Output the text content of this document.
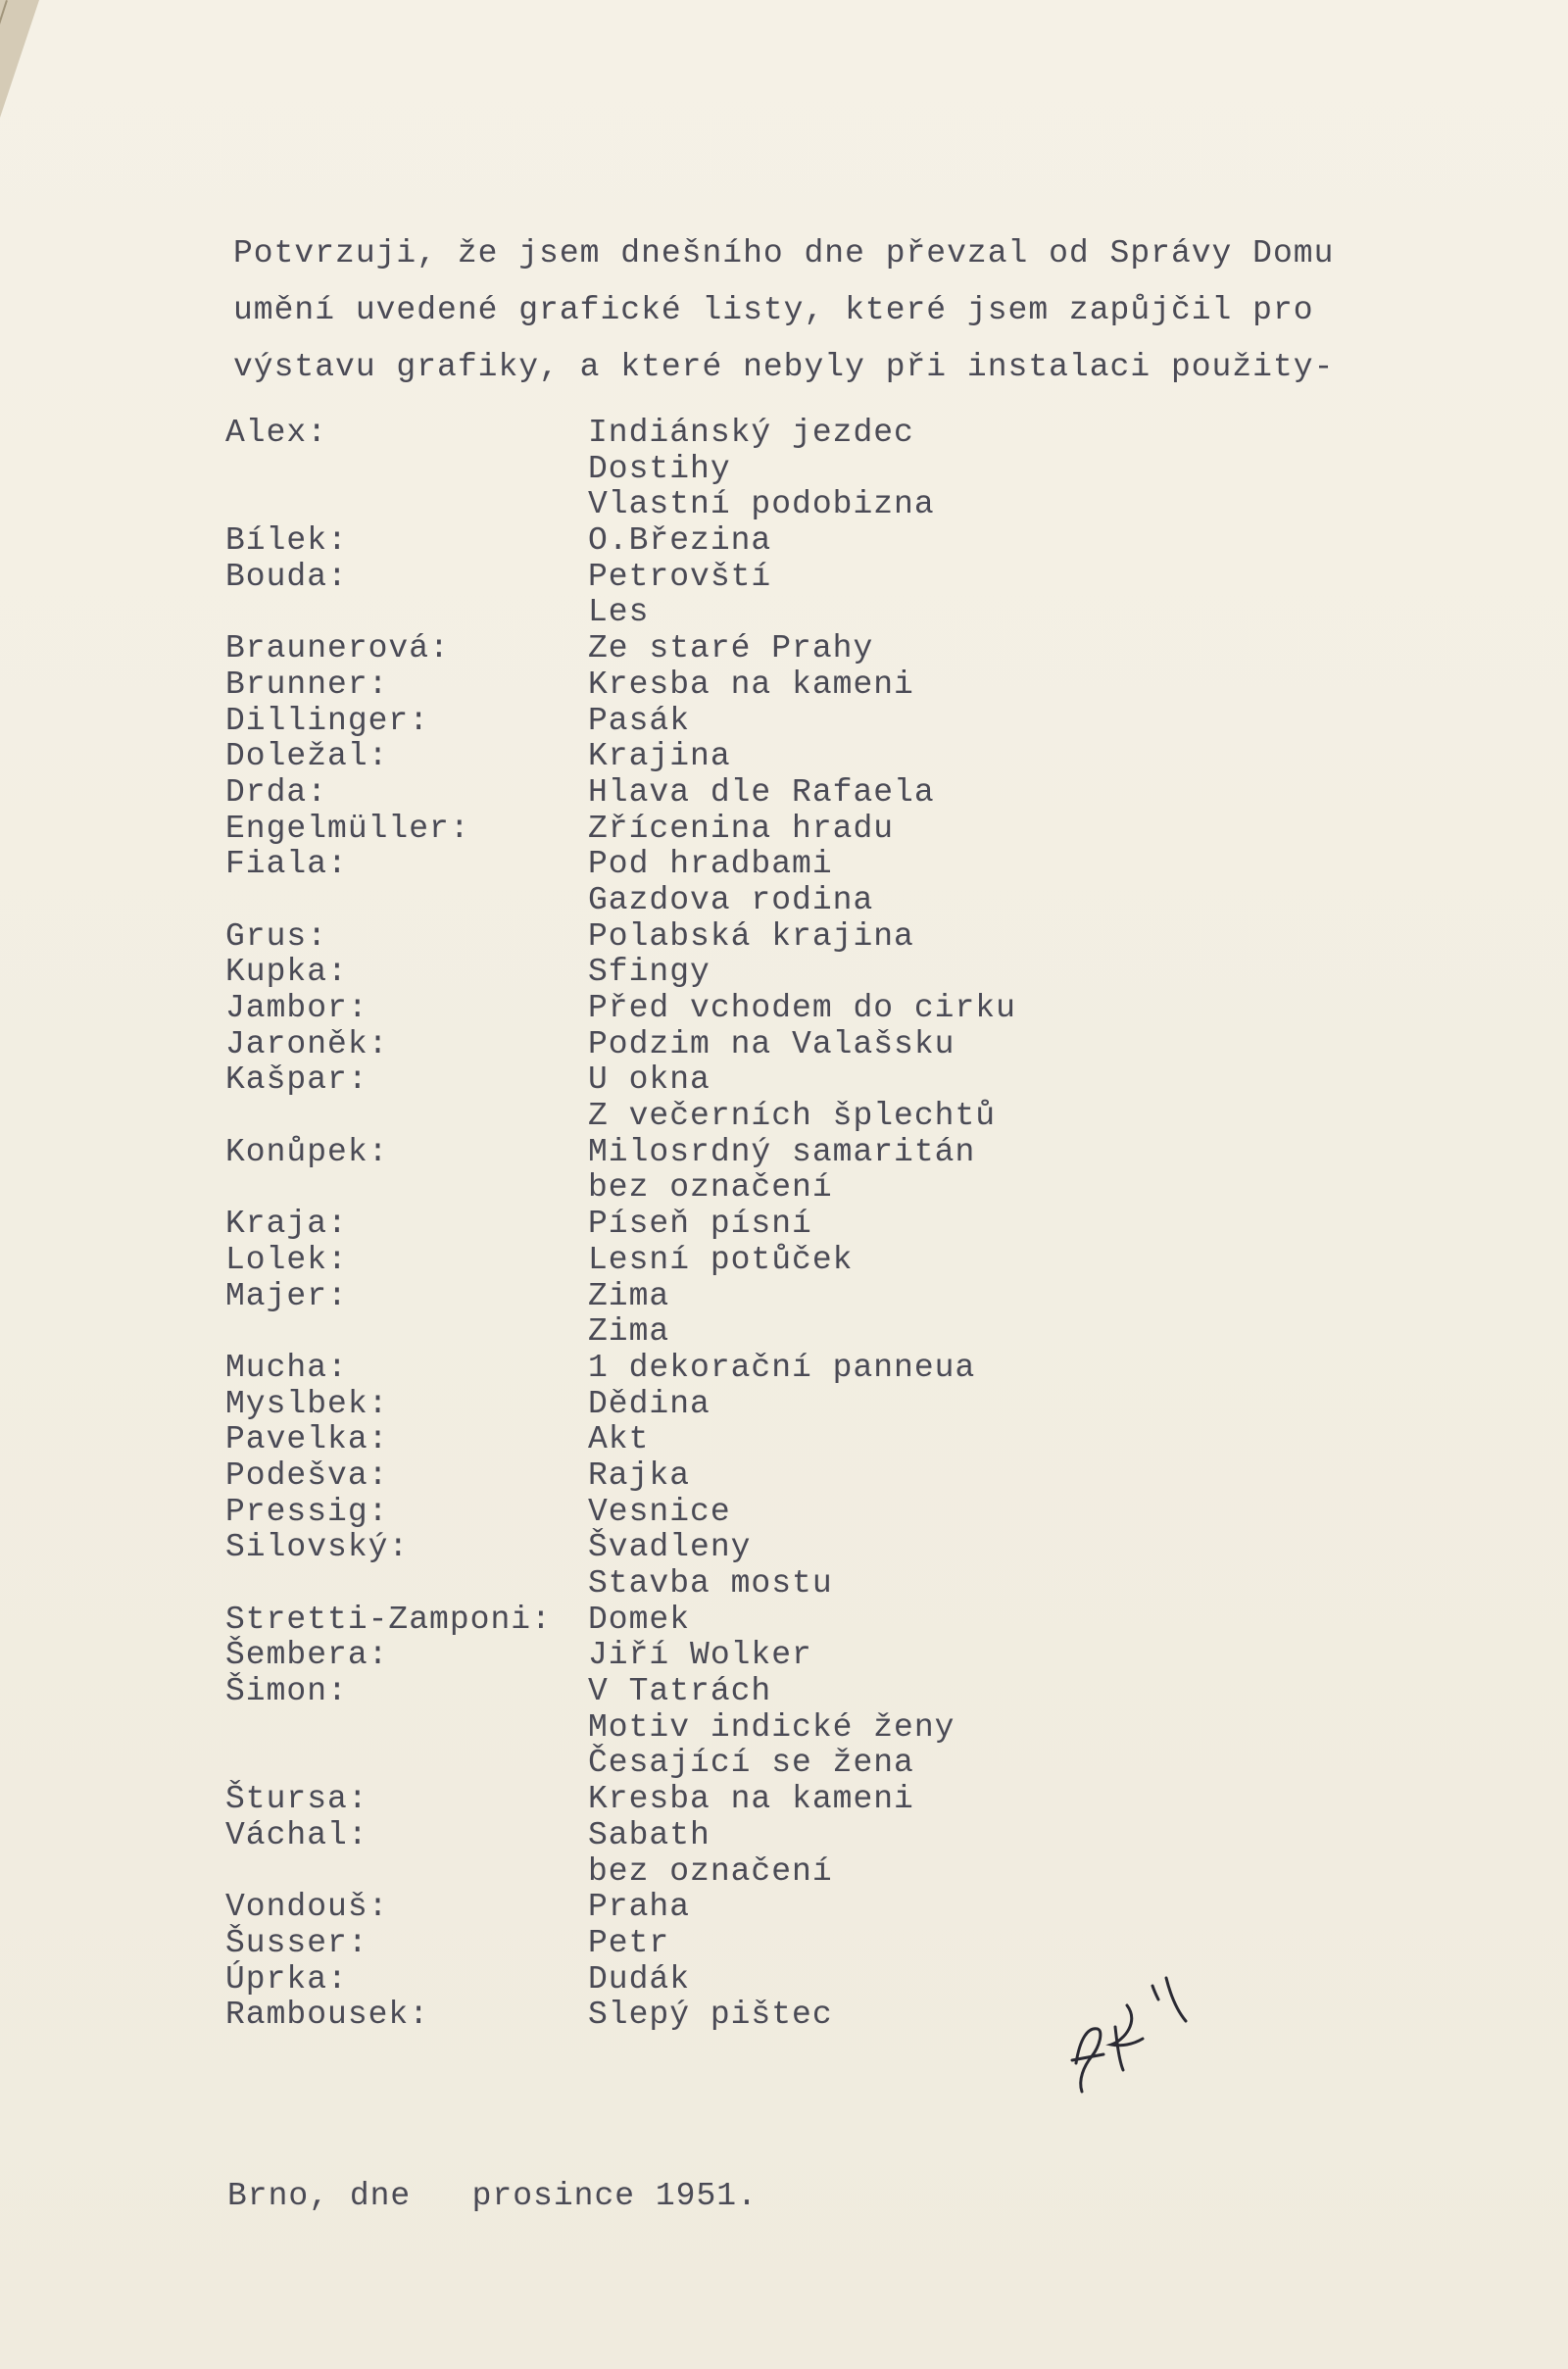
Potvrzuji, že jsem dnešního dne převzal od Správy Domu
umění uvedené grafické listy, které jsem zapůjčil pro
výstavu grafiky, a které nebyly při instalaci použity-
Alex:	Indiánský jezdec
Dostihy
Vlastní podobizna
Bílek:	O.Březina
Bouda:	Petrovští
Les
Braunerová:	Ze staré Prahy
Brunner:	Kresba na kameni
Dillinger:	Pasák
Doležal:	Krajina
Drda:	Hlava dle Rafaela
Engelmüller:	Zřícenina hradu
Fiala:	Pod hradbami
Gazdova rodina
Grus:	Polabská krajina
Kupka:	Sfingy
Jambor:	Před vchodem do cirku
Jaroněk:	Podzim na Valašsku
Kašpar:	U okna
Z večerních šplechtů
Konůpek:	Milosrdný samaritán
bez označení
Kraja:	Píseň písní
Lolek:	Lesní potůček
Majer:	Zima
Zima
Mucha:	1 dekorační panneua
Myslbek:	Dědina
Pavelka:	Akt
Podešva:	Rajka
Pressig:	Vesnice
Silovský:	Švadleny
Stavba mostu
Stretti-Zamponi:	Domek
Šembera:	Jiří Wolker
Šimon:	V Tatrách
Motiv indické ženy
Česající se žena
Štursa:	Kresba na kameni
Váchal:	Sabath
bez označení
Vondouš:	Praha
Šusser:	Petr
Úprka:	Dudák
Rambousek:	Slepý pištec
Brno, dne   prosince 1951.
